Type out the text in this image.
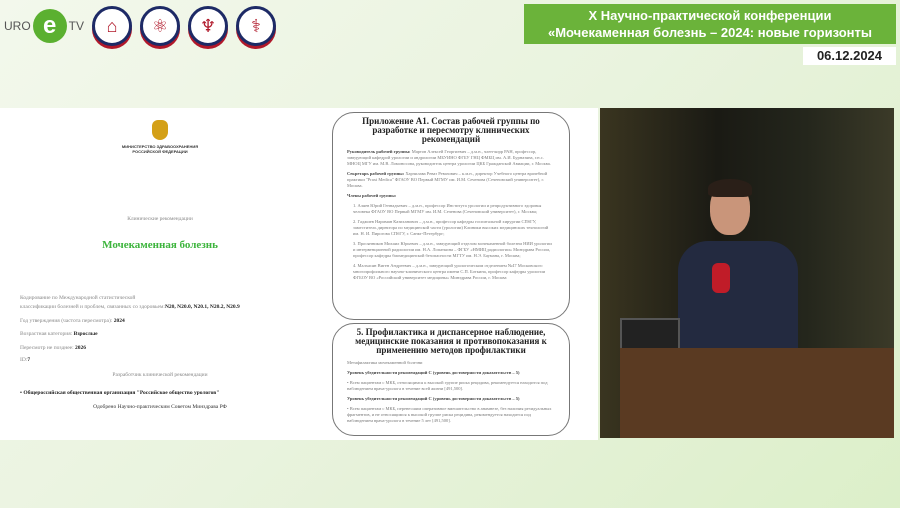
URO e	TV	⌂	⚛	♆	⚕	X Научно-практической конференции
«Мочекаменная болезнь – 2024: новые горизонты
06.12.2024
МИНИСТЕРСТВО ЗДРАВООХРАНЕНИЯ РОССИЙСКОЙ ФЕДЕРАЦИИ
Клинические рекомендации
Мочекаменная болезнь
Кодирование по Международной статистической
классификации болезней и проблем, связанных со здоровьем:N20, N20.0, N20.1, N20.2, N20.9
Год утверждения (частота пересмотра): 2024
Возрастная категория: Взрослые
Пересмотр не позднее: 2026
ID:7
Разработчик клинической рекомендации
• Общероссийская общественная организация "Российское общество урологов"
Одобрено Научно-практическим Советом Минздрава РФ
Приложение А1. Состав рабочей группы по разработке и пересмотру клинических рекомендаций

Руководитель рабочей группы: Мартов Алексей Георгиевич – д.м.н., член-корр РАН, профессор, заведующий кафедрой урологии и андрологии МБУИНО ФГБУ ГНЦ ФМБЦ им. А.И. Бурназяна, г.н.с. МНОЦ МГУ им. М.В. Ломоносова, руководитель центра урологии ЦКБ Гражданской Авиации, г. Москва.

Секретарь рабочей группы: Харчилава Реваз Ревазович – к.м.н., директор Учебного центра врачебной практики "Praxi Medica" ФГАОУ ВО Первый МГМУ им. И.М. Сеченова (Сеченовский университет), г. Москва.

Члены рабочей группы:

1. Аляев Юрий Геннадьевич – д.м.н., профессор Института урологии и репродуктивного здоровья человека ФГАОУ ВО Первый МГМУ им. И.М. Сеченова (Сеченовский университет), г. Москва;

2. Гаджиев Нариман Казиханович – д.м.н., профессор кафедры госпитальной хирургии СПбГУ, заместитель директора по медицинской части (урологии) Клиники высоких медицинских технологий им. Н. И. Пирогова СПбГУ, г. Санкт-Петербург;

3. Просянников Михаил Юрьевич – д.м.н., заведующий отделом мочекаменной болезни НИИ урологии и интервенционной радиологии им. Н.А. Лопаткина – ФГБУ «НМИЦ радиологии» Минздрава России, профессор кафедры биомедицинской безопасности МГТУ им. Н.Э. Баумана, г. Москва;

4. Малхасян Виген Андреевич – д.м.н., заведующий урологическим отделением №47 Московского многопрофильного научно-клинического центра имени С.П. Боткина, профессор кафедры урологии ФГБОУ ВО «Российский университет медицины» Минздрава России, г. Москва

5. Профилактика и диспансерное наблюдение, медицинские показания и противопоказания к применению методов профилактики

Метафилактика мочекаменной болезни

Уровень убедительности рекомендаций C (уровень достоверности доказательств – 5)

• Всем пациентам с МКБ, относящимся к высокой группе риска рецидива, рекомендуется находится под наблюдением врача-уролога в течение всей жизни [491,500].

Уровень убедительности рекомендаций C (уровень достоверности доказательств – 5)

• Всем пациентам с МКБ, перенесшим оперативное вмешательство в анамнезе, без наличия резидуальных фрагментов, и не относящимся к высокой группе риска рецидива, рекомендуется находится под наблюдением врача-уролога в течение 5 лет [491,500].
